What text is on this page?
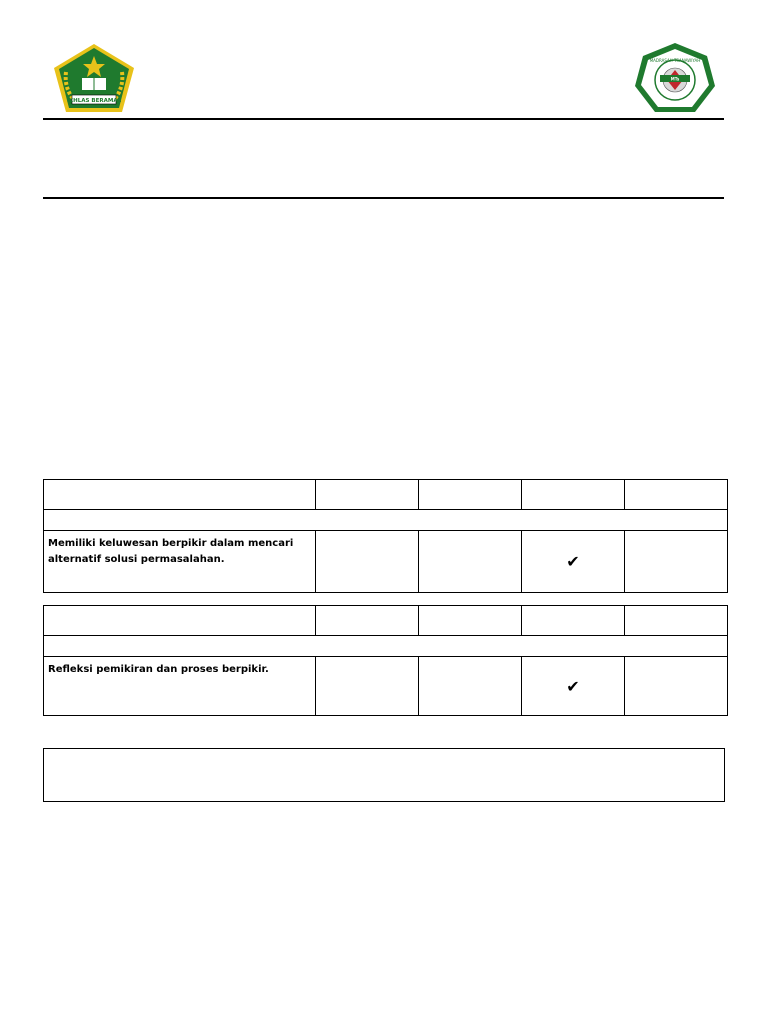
IKHLAS BERAMAL
MTs
MADRASAH TSANAWIYAH

Memiliki keluwesan berpikir dalam mencari alternatif solusi permasalahan.			✔	

Refleksi pemikiran dan proses berpikir.			✔	
